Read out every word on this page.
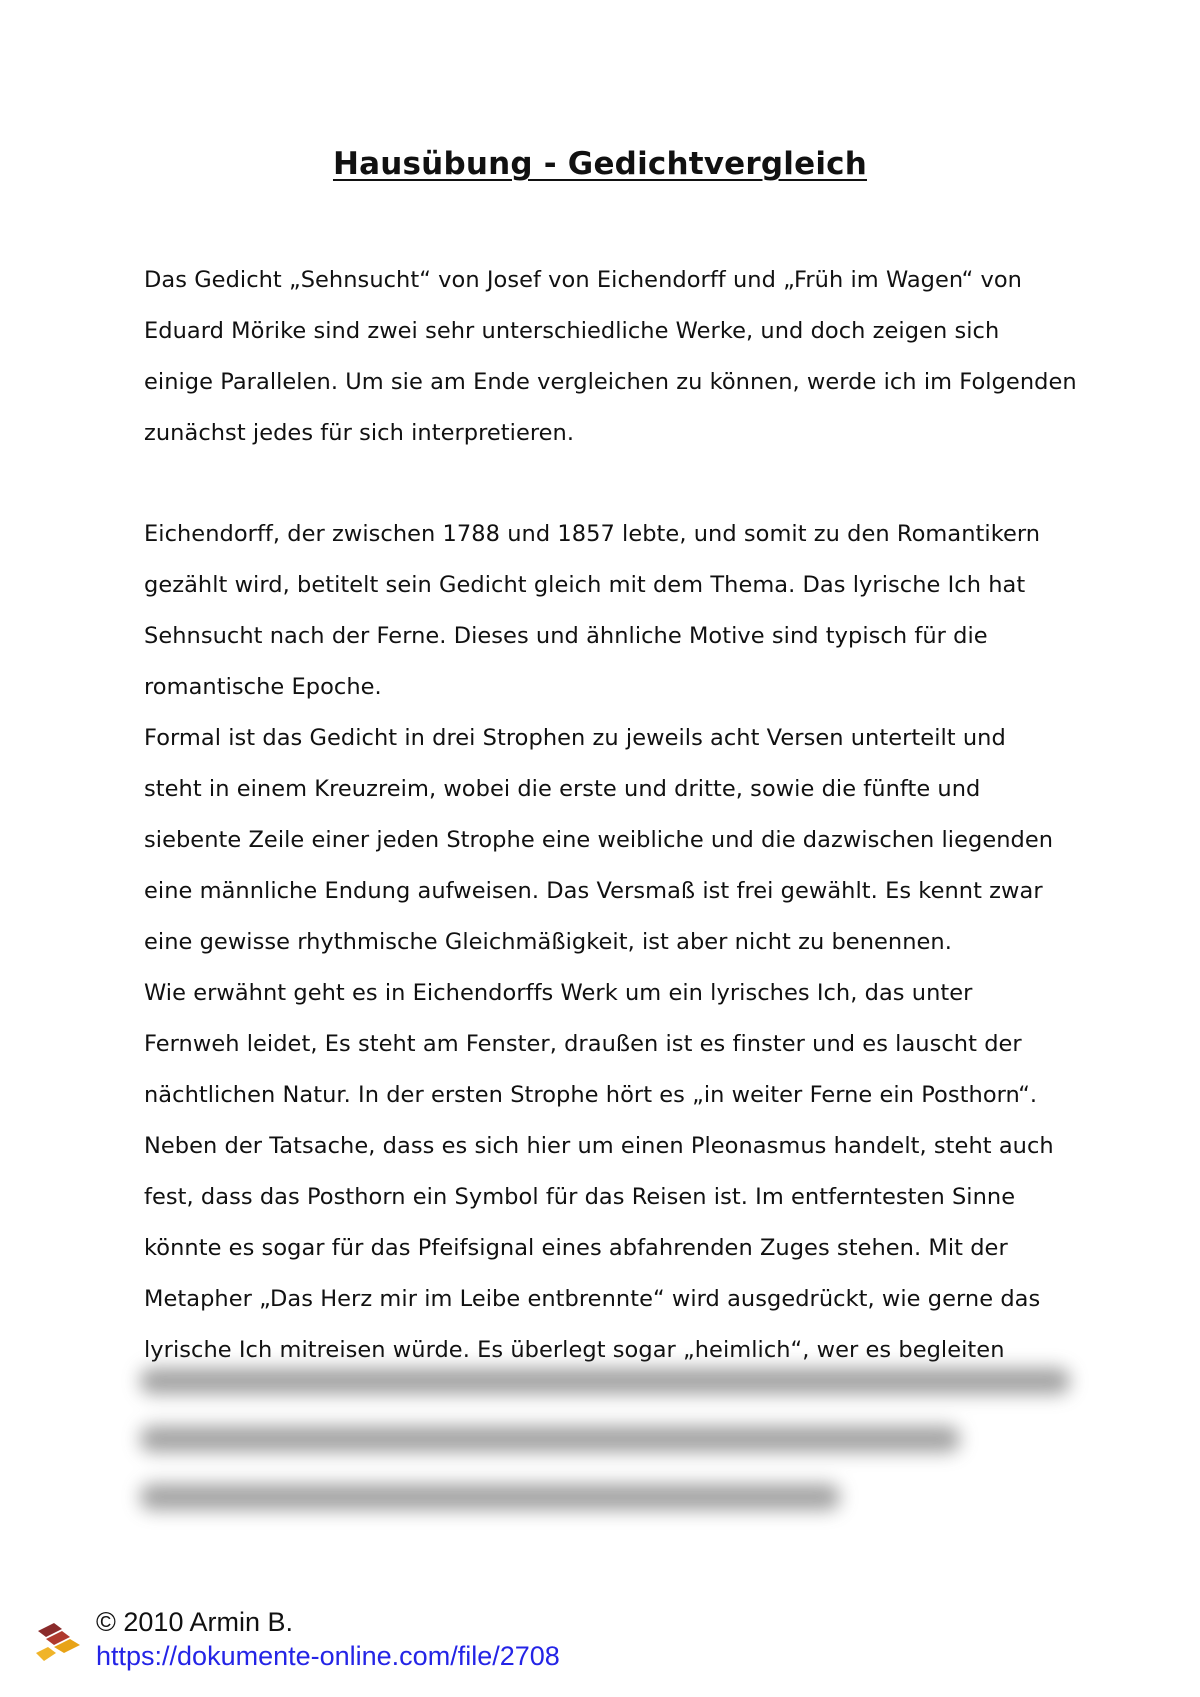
Hausübung - Gedichtvergleich
Das Gedicht „Sehnsucht“ von Josef von Eichendorff und „Früh im Wagen“ von
Eduard Mörike sind zwei sehr unterschiedliche Werke, und doch zeigen sich
einige Parallelen. Um sie am Ende vergleichen zu können, werde ich im Folgenden
zunächst jedes für sich interpretieren.
Eichendorff, der zwischen 1788 und 1857 lebte, und somit zu den Romantikern
gezählt wird, betitelt sein Gedicht gleich mit dem Thema. Das lyrische Ich hat
Sehnsucht nach der Ferne. Dieses und ähnliche Motive sind typisch für die
romantische Epoche.
Formal ist das Gedicht in drei Strophen zu jeweils acht Versen unterteilt und
steht in einem Kreuzreim, wobei die erste und dritte, sowie die fünfte und
siebente Zeile einer jeden Strophe eine weibliche und die dazwischen liegenden
eine männliche Endung aufweisen. Das Versmaß ist frei gewählt. Es kennt zwar
eine gewisse rhythmische Gleichmäßigkeit, ist aber nicht zu benennen.
Wie erwähnt geht es in Eichendorffs Werk um ein lyrisches Ich, das unter
Fernweh leidet, Es steht am Fenster, draußen ist es finster und es lauscht der
nächtlichen Natur. In der ersten Strophe hört es „in weiter Ferne ein Posthorn“.
Neben der Tatsache, dass es sich hier um einen Pleonasmus handelt, steht auch
fest, dass das Posthorn ein Symbol für das Reisen ist. Im entferntesten Sinne
könnte es sogar für das Pfeifsignal eines abfahrenden Zuges stehen. Mit der
Metapher „Das Herz mir im Leibe entbrennte“ wird ausgedrückt, wie gerne das
lyrische Ich mitreisen würde. Es überlegt sogar „heimlich“, wer es begleiten
© 2010 Armin B.
https://dokumente-online.com/file/2708
